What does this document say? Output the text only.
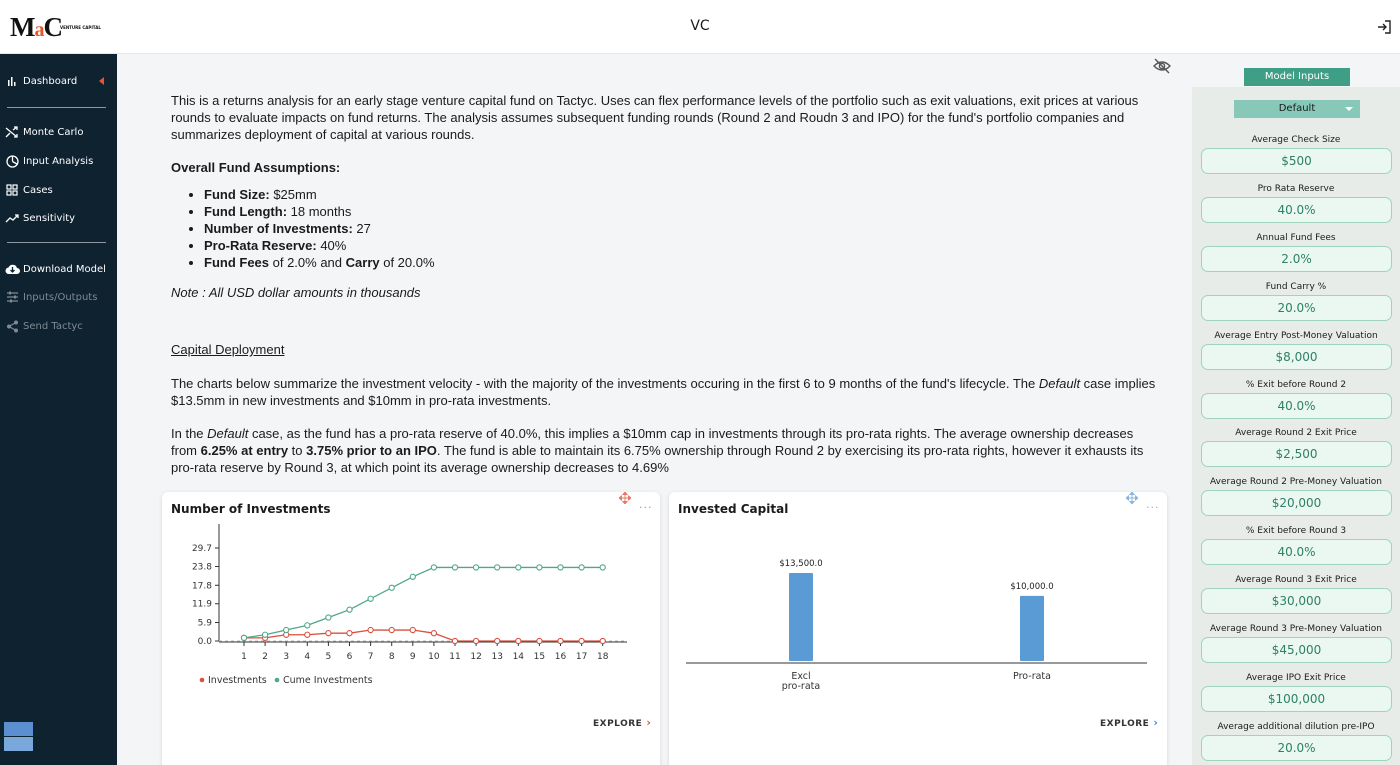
MaC
VENTURE CAPITAL	VC
Dashboard
Monte Carlo
Input Analysis
Cases
Sensitivity
Download Model
Inputs/Outputs
Send Tactyc
This is a returns analysis for an early stage venture capital fund on Tactyc. Uses can flex performance levels of the portfolio such as exit valuations, exit prices at various rounds to evaluate impacts on fund returns. The analysis assumes subsequent funding rounds (Round 2 and Roudn 3 and IPO) for the fund's portfolio companies and summarizes deployment of capital at various rounds.
Overall Fund Assumptions:
• Fund Size: $25mm
• Fund Length: 18 months
• Number of Investments: 27
• Pro-Rata Reserve: 40%
• Fund Fees of 2.0% and Carry of 20.0%
Note : All USD dollar amounts in thousands
Capital Deployment
The charts below summarize the investment velocity - with the majority of the investments occuring in the first 6 to 9 months of the fund's lifecycle. The Default case implies $13.5mm in new investments and $10mm in pro-rata investments.
In the Default case, as the fund has a pro-rata reserve of 40.0%, this implies a $10mm cap in investments through its pro-rata rights. The average ownership decreases from 6.25% at entry to 3.75% prior to an IPO. The fund is able to maintain its 6.75% ownership through Round 2 by exercising its pro-rata rights, however it exhausts its pro-rata reserve by Round 3, at which point its average ownership decreases to 4.69%
Number of Investments	···
0.0
5.9
11.9
17.8
23.8
29.7
1 2 3 4 5 6 7 8 9 10 11 12 13 14 15 16 17 18
Investments Cume Investments
EXPLORE ›
Invested Capital	···
$13,500.0
Excl
pro-rata
$10,000.0
Pro-rata
EXPLORE ›
Model Inputs
Default
Average Check Size
$500
Pro Rata Reserve
40.0%
Annual Fund Fees
2.0%
Fund Carry %
20.0%
Average Entry Post-Money Valuation
$8,000
% Exit before Round 2
40.0%
Average Round 2 Exit Price
$2,500
Average Round 2 Pre-Money Valuation
$20,000
% Exit before Round 3
40.0%
Average Round 3 Exit Price
$30,000
Average Round 3 Pre-Money Valuation
$45,000
Average IPO Exit Price
$100,000
Average additional dilution pre-IPO
20.0%
